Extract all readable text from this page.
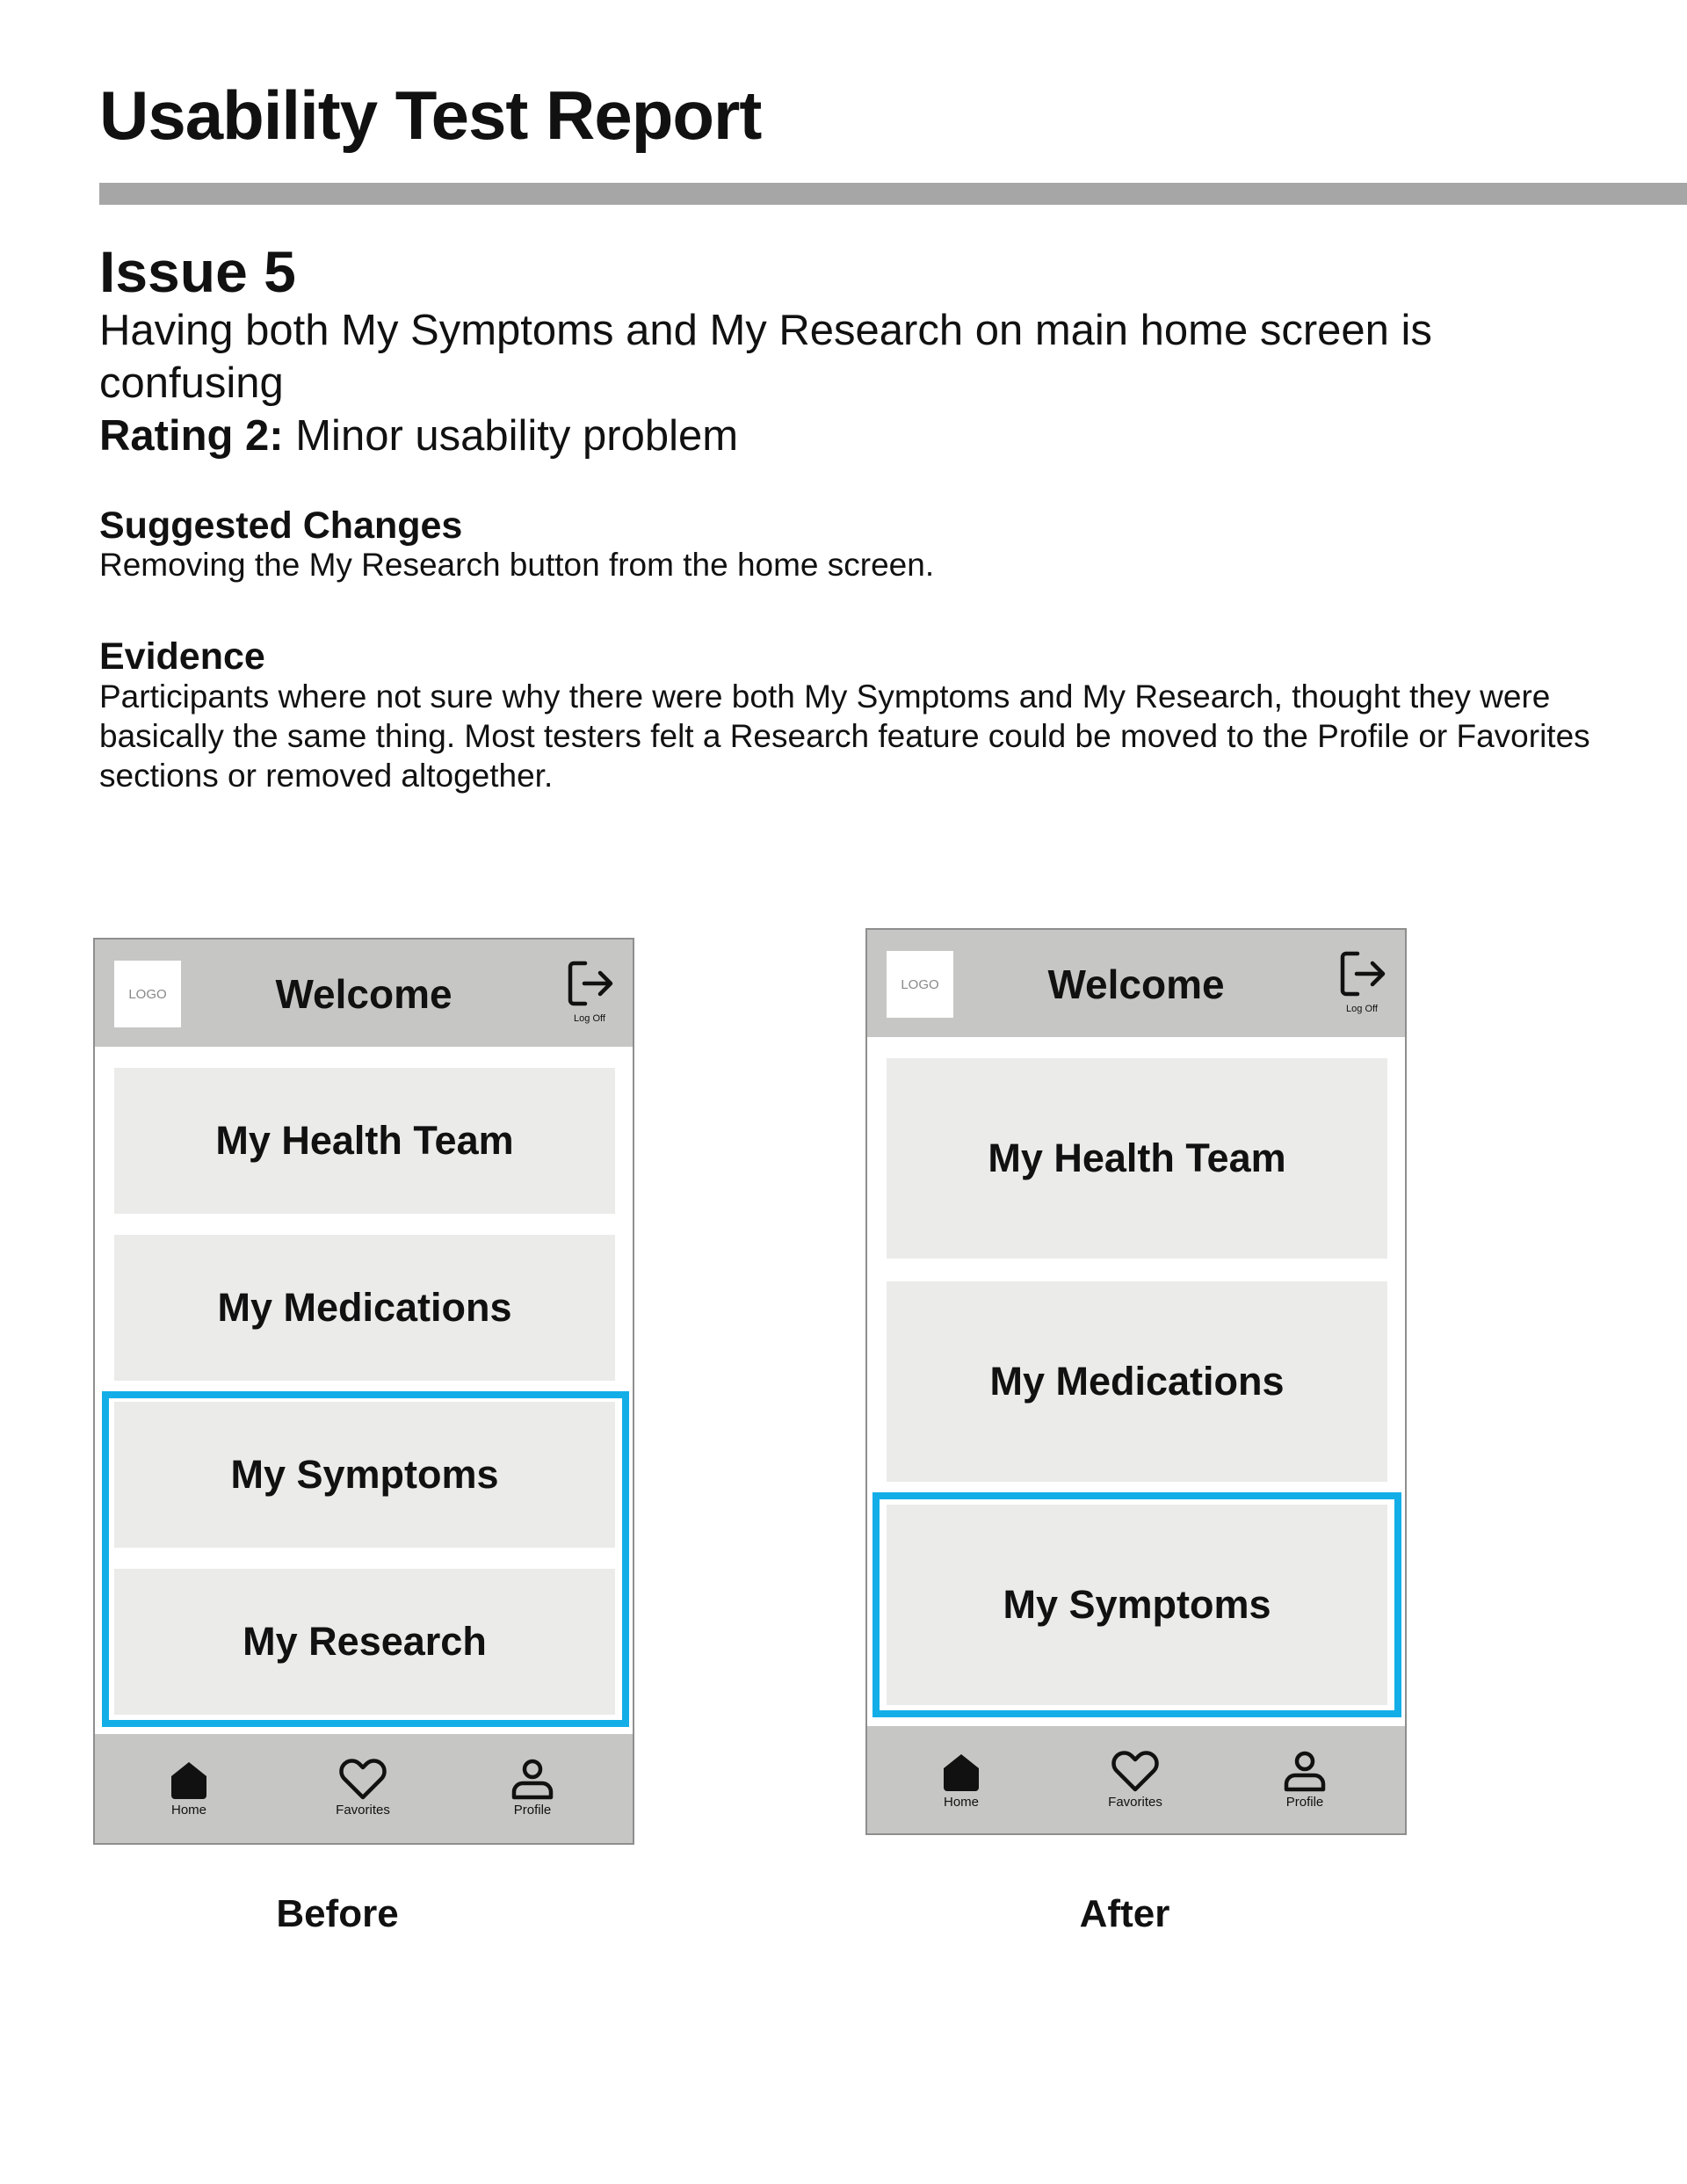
Usability Test Report
Issue 5
Having both My Symptoms and My Research on main home screen is confusing
Rating 2: Minor usability problem
Suggested Changes
Removing the My Research button from the home screen.
Evidence
Participants where not sure why there were both My Symptoms and My Research, thought they were basically the same thing. Most testers felt a Research feature could be moved to the Profile or Favorites sections or removed altogether.
LOGO	Welcome
Log Off
My Health Team
My Medications
My Symptoms
My Research
Home	Favorites	Profile
LOGO	Welcome
Log Off
My Health Team
My Medications
My Symptoms
Home	Favorites	Profile
Before	After
